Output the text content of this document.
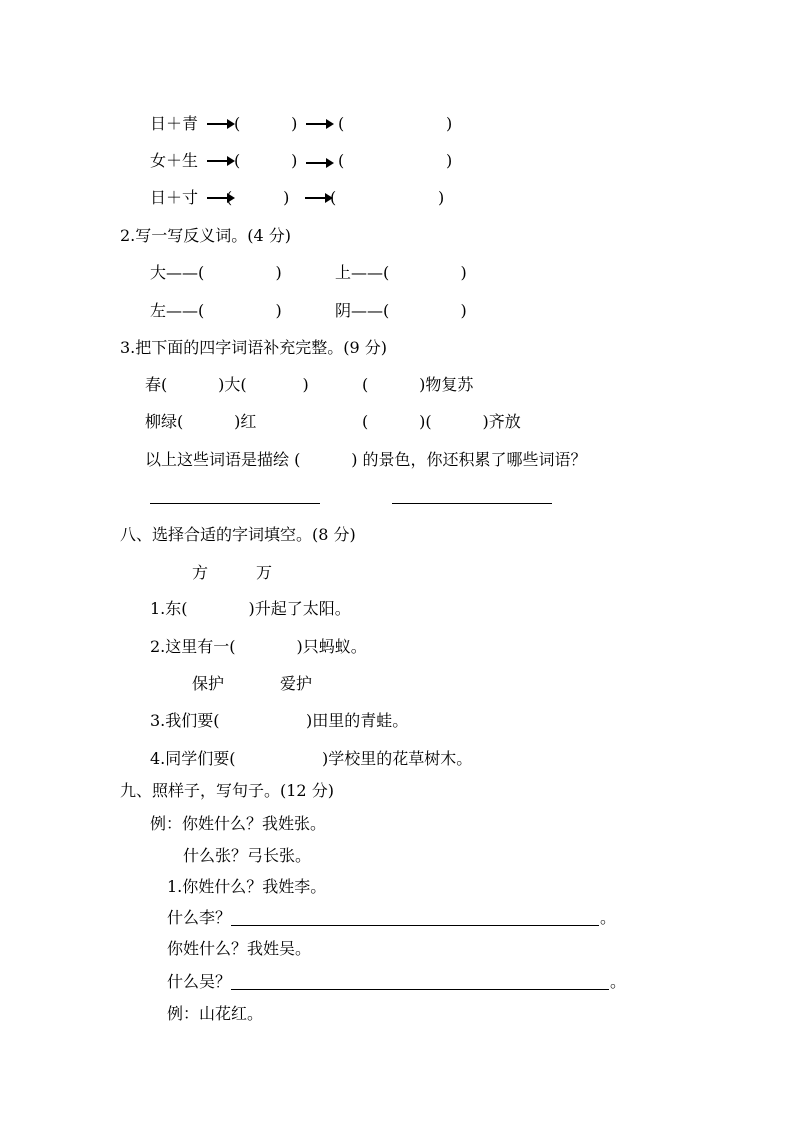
日＋青 (          )	(                    )
女＋生 (          )	(                    )
日＋寸 (          )	(                    )
2.写一写反义词。(4 分)
大——(              )	上——(              )
左——(              )	阴——(              )
3.把下面的四字词语补充完整。(9 分)
春(          )大(           )	(          )物复苏
柳绿(          )红	(          )(          )齐放
以上这些词语是描绘 (          ) 的景色，你还积累了哪些词语？
八、选择合适的字词填空。(8 分)
方	万
1.东(            )升起了太阳。
2.这里有一(            )只蚂蚁。
保护	爱护
3.我们要(                 )田里的青蛙。
4.同学们要(                 )学校里的花草树木。
九、照样子，写句子。(12 分)
例：你姓什么？我姓张。
什么张？弓长张。
1.你姓什么？我姓李。
什么李？	。
你姓什么？我姓吴。
什么吴？	。
例：山花红。
